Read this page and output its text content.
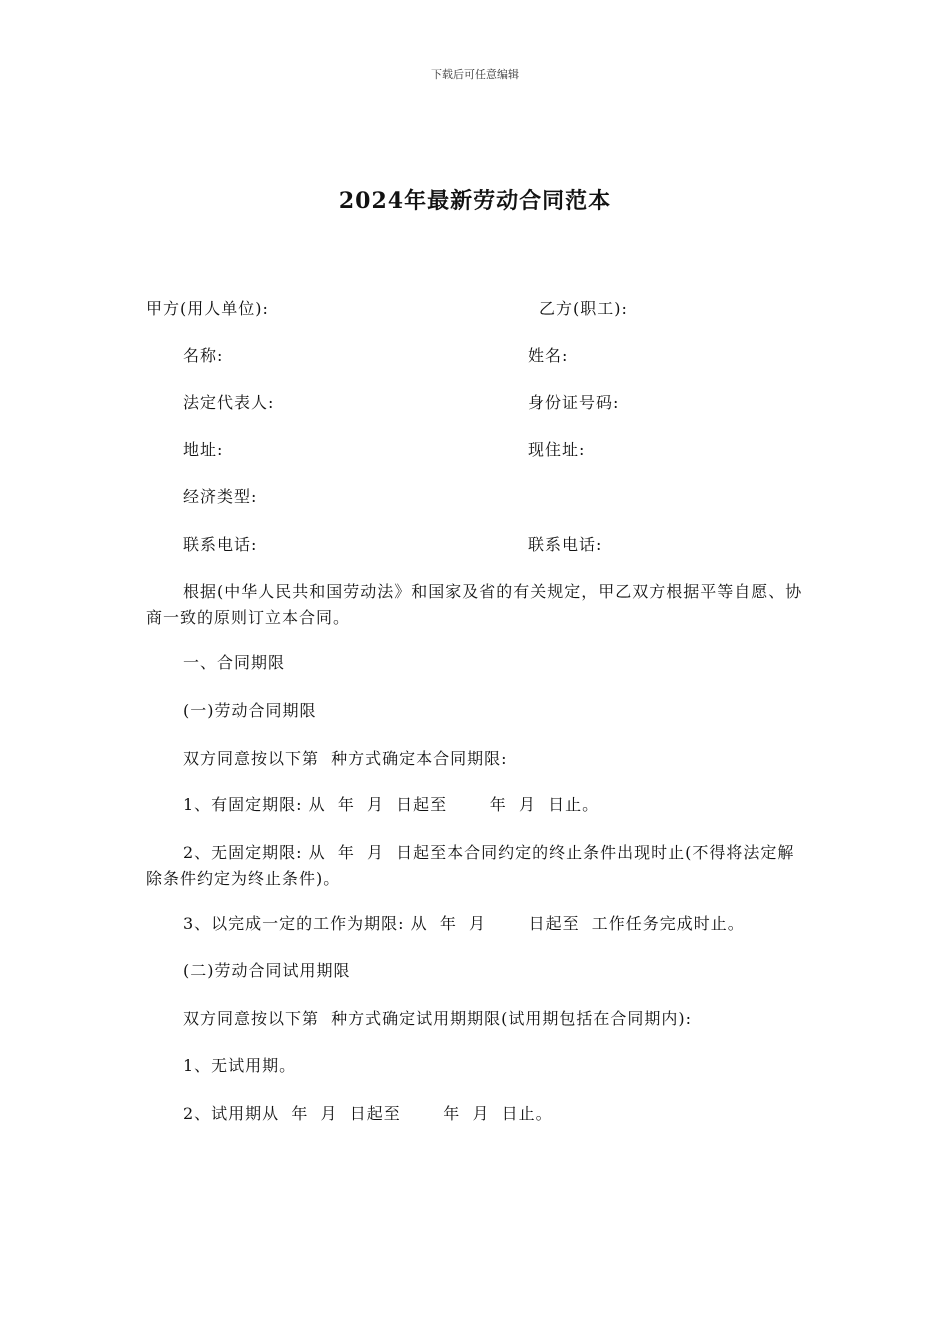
下载后可任意编辑
2024年最新劳动合同范本
甲方(用人单位):	乙方(职工):
名称:	姓名:
法定代表人:	身份证号码:
地址:	现住址:
经济类型:
联系电话:	联系电话:
根据(中华人民共和国劳动法》和国家及省的有关规定，甲乙双方根据平等自愿、协商一致的原则订立本合同。
一、合同期限
(一)劳动合同期限
双方同意按以下第  种方式确定本合同期限:
1、有固定期限: 从  年  月  日起至       年  月  日止。
2、无固定期限: 从  年  月  日起至本合同约定的终止条件出现时止(不得将法定解除条件约定为终止条件)。
3、以完成一定的工作为期限: 从  年  月       日起至  工作任务完成时止。
(二)劳动合同试用期限
双方同意按以下第  种方式确定试用期期限(试用期包括在合同期内):
1、无试用期。
2、试用期从  年  月  日起至       年  月  日止。
